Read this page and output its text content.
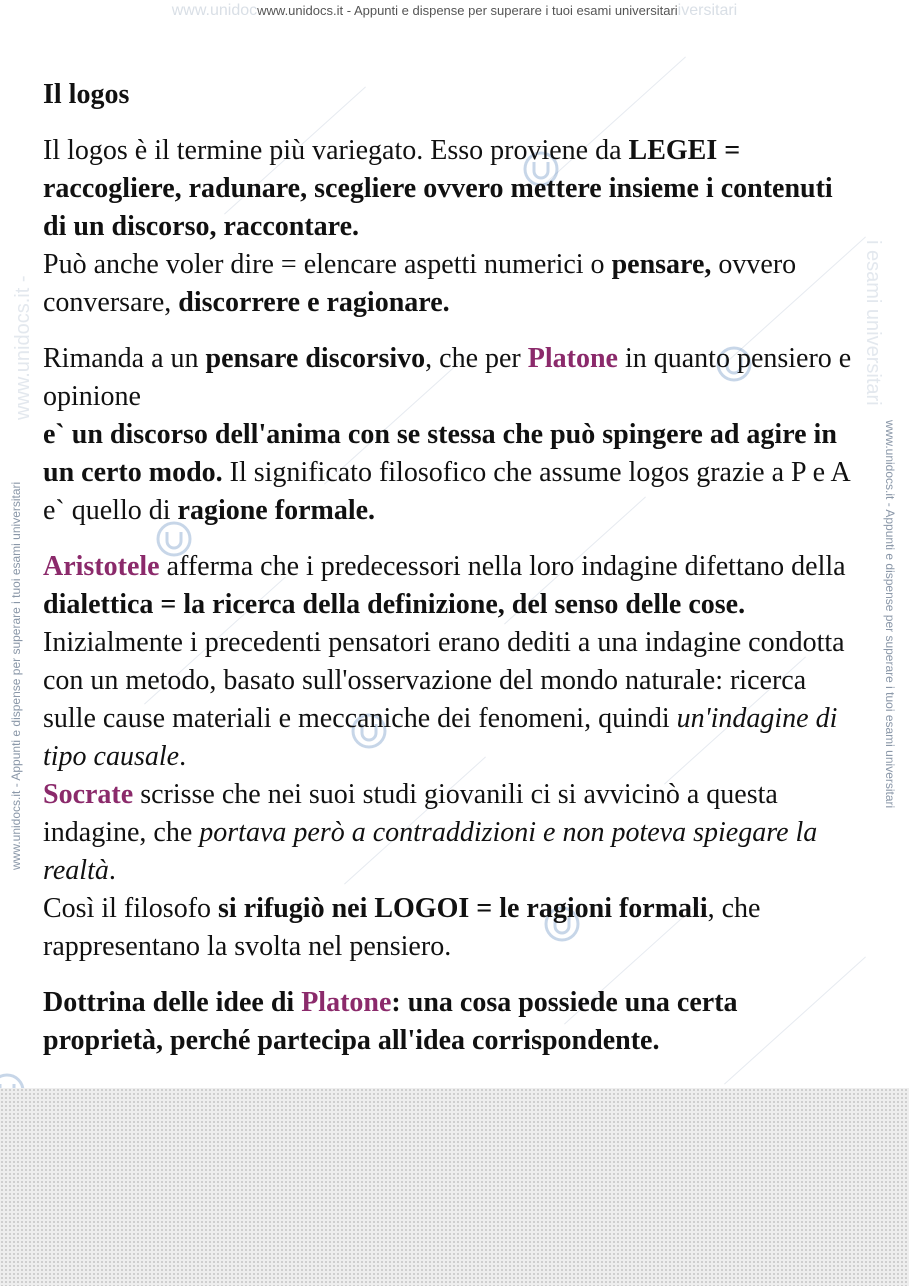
www.unidocwww.unidocs.it - Appunti e dispense per superare i tuoi esami universitariiversitari
www.unidocs.it -
www.unidocs.it - Appunti e dispense per superare i tuoi esami universitari
i esami universitari
www.unidocs.it - Appunti e dispense per superare i tuoi esami universitari
Il logos

Il logos è il termine più variegato. Esso proviene da LEGEI = raccogliere, radunare, scegliere ovvero mettere insieme i contenuti di un discorso, raccontare.
Può anche voler dire = elencare aspetti numerici o pensare, ovvero conversare, discorrere e ragionare.

Rimanda a un pensare discorsivo, che per Platone in quanto pensiero e opinione
e` un discorso dell'anima con se stessa che può spingere ad agire in un certo modo. Il significato filosofico che assume logos grazie a P e A e` quello di ragione formale.

Aristotele afferma che i predecessori nella loro indagine difettano della
dialettica = la ricerca della definizione, del senso delle cose.
Inizialmente i precedenti pensatori erano dediti a una indagine condotta con un metodo, basato sull'osservazione del mondo naturale: ricerca sulle cause materiali e meccaniche dei fenomeni, quindi un'indagine di tipo causale.
Socrate scrisse che nei suoi studi giovanili ci si avvicinò a questa indagine, che portava però a contraddizioni e non poteva spiegare la realtà.
Così il filosofo si rifugiò nei LOGOI = le ragioni formali, che rappresentano la svolta nel pensiero.

Dottrina delle idee di Platone: una cosa possiede una certa proprietà, perché partecipa all'idea corrispondente.
